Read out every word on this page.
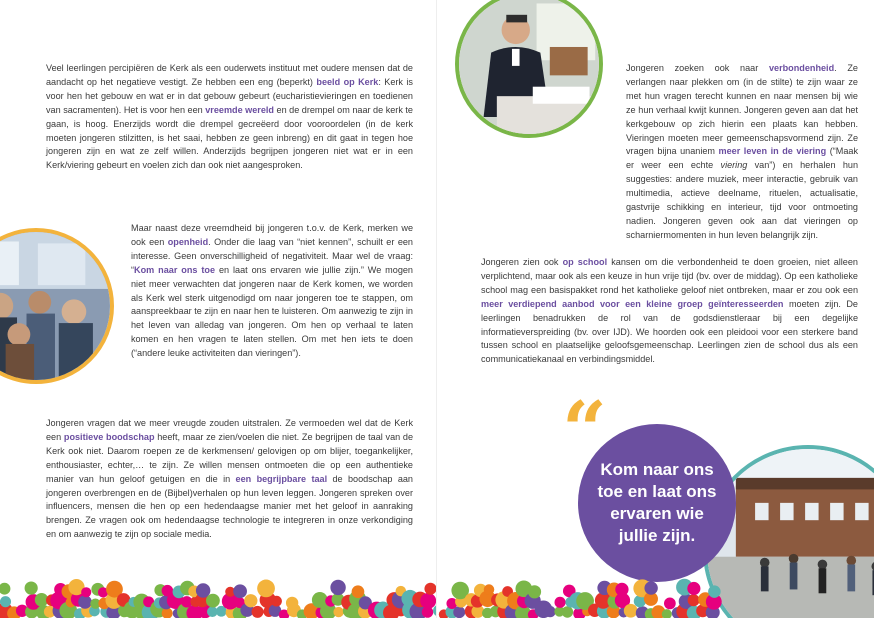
Veel leerlingen percipiëren de Kerk als een ouderwets instituut met oudere mensen dat de aandacht op het negatieve vestigt. Ze hebben een eng (beperkt) beeld op Kerk: Kerk is voor hen het gebouw en wat er in dat gebouw gebeurt (eucharistievieringen en toedienen van sacramenten). Het is voor hen een vreemde wereld en de drempel om naar de kerk te gaan, is hoog. Enerzijds wordt die drempel gecreëerd door vooroordelen (in de kerk moeten jongeren stilzitten, is het saai, hebben ze geen inbreng) en dit gaat in tegen hoe jongeren zijn en wat ze zelf willen. Anderzijds begrijpen jongeren niet wat er in een Kerk/viering gebeurt en voelen zich dan ook niet aangesproken.

Maar naast deze vreemdheid bij jongeren t.o.v. de Kerk, merken we ook een openheid. Onder die laag van “niet kennen”, schuilt er een interesse. Geen onverschilligheid of negativiteit. Maar wel de vraag: “Kom naar ons toe en laat ons ervaren wie jullie zijn.” We mogen niet meer verwachten dat jongeren naar de Kerk komen, we worden als Kerk wel sterk uitgenodigd om naar jongeren toe te stappen, om aanspreekbaar te zijn en naar hen te luisteren. Om aanwezig te zijn in het leven van alledag van jongeren. Om hen op verhaal te laten komen en hen vragen te laten stellen. Om met hen iets te doen (“andere leuke activiteiten dan vieringen”).

Jongeren vragen dat we meer vreugde zouden uitstralen. Ze vermoeden wel dat de Kerk een positieve boodschap heeft, maar ze zien/voelen die niet. Ze begrijpen de taal van de Kerk ook niet. Daarom roepen ze de kerkmensen/ gelovigen op om blijer, toegankelijker, enthousiaster, echter,… te zijn. Ze willen mensen ontmoeten die op een authentieke manier van hun geloof getuigen en die in een begrijpbare taal de boodschap aan jongeren overbrengen en de (Bijbel)verhalen op hun leven leggen. Jongeren spreken over influencers, mensen die hen op een hedendaagse manier met het geloof in aanraking brengen. Ze vragen ook om hedendaagse technologie te integreren in onze verkondiging en om aanwezig te zijn op sociale media.

Jongeren zoeken ook naar verbondenheid. Ze verlangen naar plekken om (in de stilte) te zijn waar ze met hun vragen terecht kunnen en naar mensen bij wie ze hun verhaal kwijt kunnen. Jongeren geven aan dat het kerkgebouw op zich hierin een plaats kan hebben. Vieringen moeten meer gemeenschapsvormend zijn. Ze vragen bijna unaniem meer leven in de viering (“Maak er weer een echte viering van”) en herhalen hun suggesties: andere muziek, meer interactie, gebruik van multimedia, actieve deelname, rituelen, actualisatie, gastvrije schikking en interieur, tijd voor ontmoeting nadien. Jongeren geven ook aan dat vieringen op scharniermomenten in hun leven belangrijk zijn.

Jongeren zien ook op school kansen om die verbondenheid te doen groeien, niet alleen verplichtend, maar ook als een keuze in hun vrije tijd (bv. over de middag). Op een katholieke school mag een basispakket rond het katholieke geloof niet ontbreken, maar er zou ook een meer verdiepend aanbod voor een kleine groep geïnteresseerden moeten zijn. De leerlingen benadrukken de rol van de godsdienstleraar bij een degelijke informatieverspreiding (bv. over IJD). We hoorden ook een pleidooi voor een sterkere band tussen school en plaatselijke geloofsgemeenschap. Leerlingen zien de school dus als een communicatiekanaal en verbindingsmiddel.

Kom naar ons toe en laat ons ervaren wie jullie zijn.
“
